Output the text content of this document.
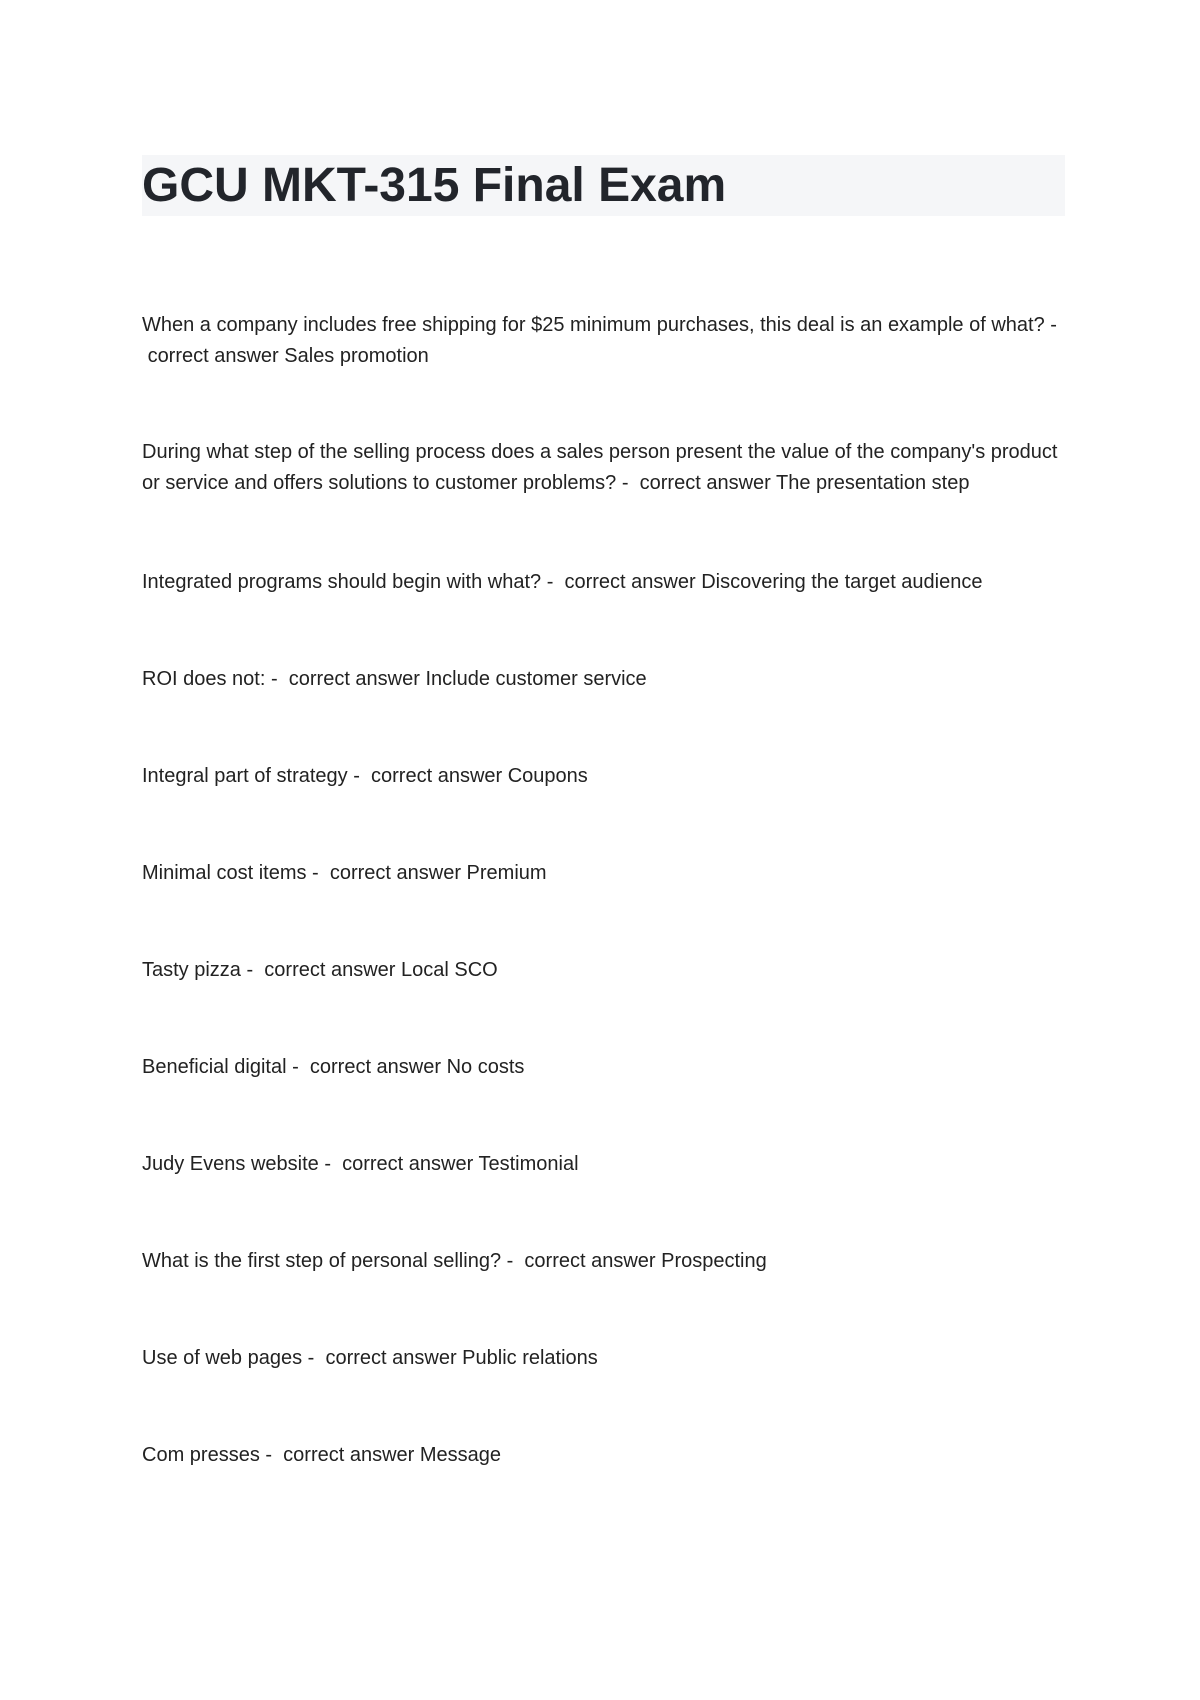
GCU MKT-315 Final Exam
When a company includes free shipping for $25 minimum purchases, this deal is an example of what? - correct answer Sales promotion
During what step of the selling process does a sales person present the value of the company's product or service and offers solutions to customer problems? - correct answer The presentation step
Integrated programs should begin with what? - correct answer Discovering the target audience
ROI does not: - correct answer Include customer service
Integral part of strategy - correct answer Coupons
Minimal cost items - correct answer Premium
Tasty pizza - correct answer Local SCO
Beneficial digital - correct answer No costs
Judy Evens website - correct answer Testimonial
What is the first step of personal selling? - correct answer Prospecting
Use of web pages - correct answer Public relations
Com presses - correct answer Message
